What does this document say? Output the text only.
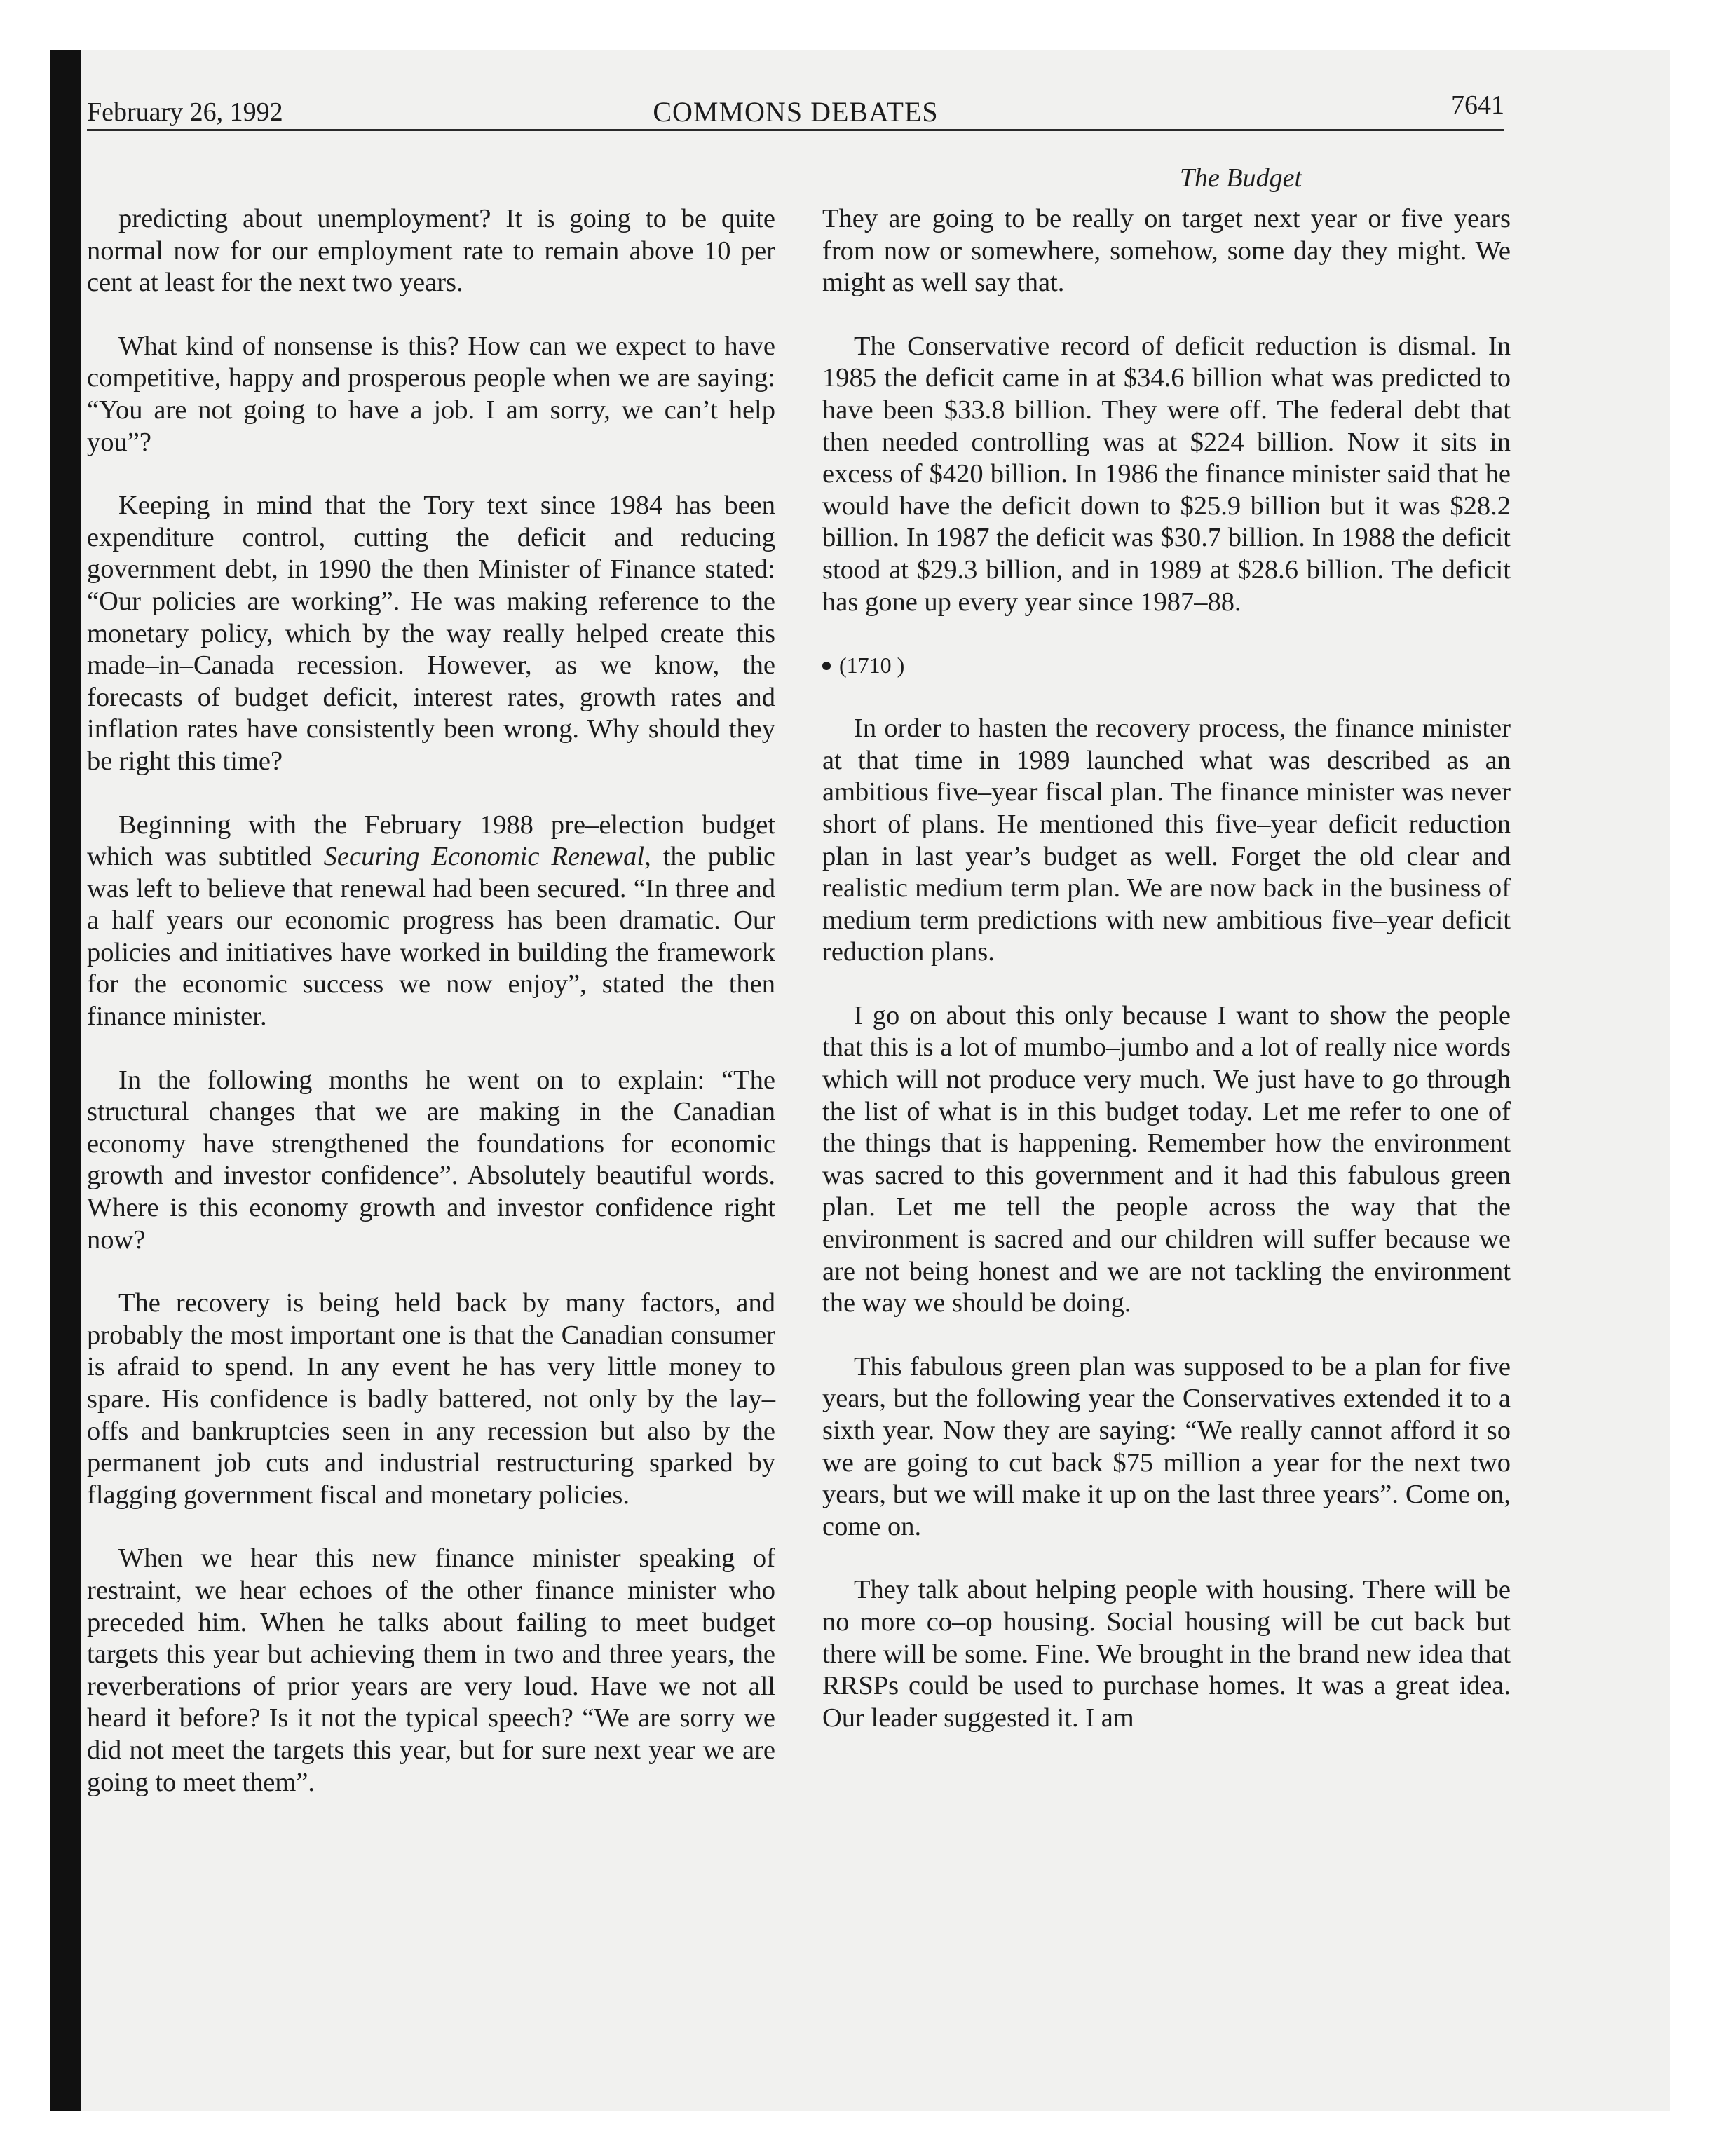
February 26, 1992	COMMONS DEBATES	7641
The Budget

predicting about unemployment? It is going to be quite normal now for our employment rate to remain above 10 per cent at least for the next two years.

What kind of nonsense is this? How can we expect to have competitive, happy and prosperous people when we are saying: “You are not going to have a job. I am sorry, we can’t help you”?

Keeping in mind that the Tory text since 1984 has been expenditure control, cutting the deficit and reducing government debt, in 1990 the then Minister of Finance stated: “Our policies are working”. He was making reference to the monetary policy, which by the way really helped create this made–in–Canada recession. However, as we know, the forecasts of budget deficit, interest rates, growth rates and inflation rates have consistently been wrong. Why should they be right this time?

Beginning with the February 1988 pre–election budget which was subtitled Securing Economic Renewal, the public was left to believe that renewal had been secured. “In three and a half years our economic progress has been dramatic. Our policies and initiatives have worked in building the framework for the economic success we now enjoy”, stated the then finance minister.

In the following months he went on to explain: “The structural changes that we are making in the Canadian economy have strengthened the foundations for economic growth and investor confidence”. Absolutely beautiful words. Where is this economy growth and investor confidence right now?

The recovery is being held back by many factors, and probably the most important one is that the Canadian consumer is afraid to spend. In any event he has very little money to spare. His confidence is badly battered, not only by the lay–offs and bankruptcies seen in any recession but also by the permanent job cuts and industrial restructuring sparked by flagging government fiscal and monetary policies.

When we hear this new finance minister speaking of restraint, we hear echoes of the other finance minister who preceded him. When he talks about failing to meet budget targets this year but achieving them in two and three years, the reverberations of prior years are very loud. Have we not all heard it before? Is it not the typical speech? “We are sorry we did not meet the targets this year, but for sure next year we are going to meet them”.

They are going to be really on target next year or five years from now or somewhere, somehow, some day they might. We might as well say that.

The Conservative record of deficit reduction is dismal. In 1985 the deficit came in at $34.6 billion what was predicted to have been $33.8 billion. They were off. The federal debt that then needed controlling was at $224 billion. Now it sits in excess of $420 billion. In 1986 the finance minister said that he would have the deficit down to $25.9 billion but it was $28.2 billion. In 1987 the deficit was $30.7 billion. In 1988 the deficit stood at $29.3 billion, and in 1989 at $28.6 billion. The deficit has gone up every year since 1987–88.

(1710 )

In order to hasten the recovery process, the finance minister at that time in 1989 launched what was described as an ambitious five–year fiscal plan. The finance minister was never short of plans. He mentioned this five–year deficit reduction plan in last year’s budget as well. Forget the old clear and realistic medium term plan. We are now back in the business of medium term predictions with new ambitious five–year deficit reduction plans.

I go on about this only because I want to show the people that this is a lot of mumbo–jumbo and a lot of really nice words which will not produce very much. We just have to go through the list of what is in this budget today. Let me refer to one of the things that is happening. Remember how the environment was sacred to this government and it had this fabulous green plan. Let me tell the people across the way that the environment is sacred and our children will suffer because we are not being honest and we are not tackling the environment the way we should be doing.

This fabulous green plan was supposed to be a plan for five years, but the following year the Conservatives extended it to a sixth year. Now they are saying: “We really cannot afford it so we are going to cut back $75 million a year for the next two years, but we will make it up on the last three years”. Come on, come on.

They talk about helping people with housing. There will be no more co–op housing. Social housing will be cut back but there will be some. Fine. We brought in the brand new idea that RRSPs could be used to purchase homes. It was a great idea. Our leader suggested it. I am
